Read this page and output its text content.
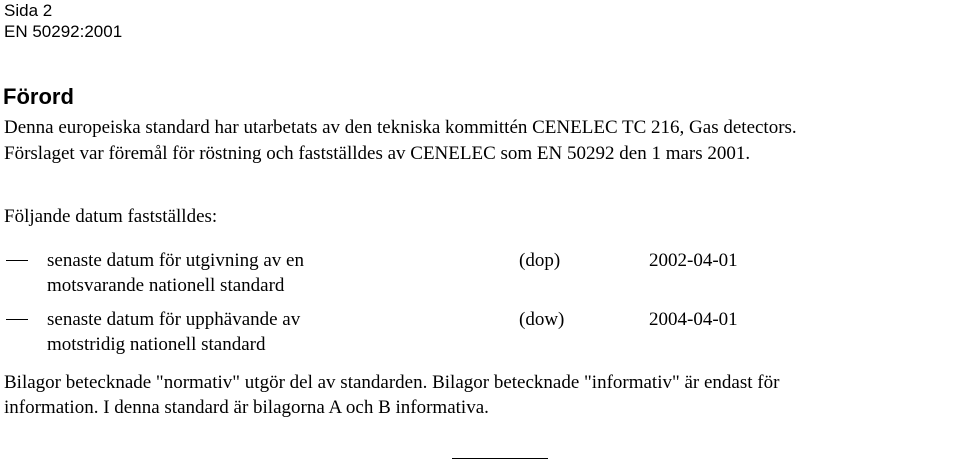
Sida 2

EN 50292:2001

Förord

Denna europeiska standard har utarbetats av den tekniska kommittén CENELEC TC 216, Gas detectors.

Förslaget var föremål för röstning och fastställdes av CENELEC som EN 50292 den 1 mars 2001.

Följande datum fastställdes:

senaste datum för utgivning av en

motsvarande nationell standard

(dop)	2002-04-01

senaste datum för upphävande av

motstridig nationell standard

(dow)	2004-04-01

Bilagor betecknade "normativ" utgör del av standarden. Bilagor betecknade "informativ" är endast för

information. I denna standard är bilagorna A och B informativa.
